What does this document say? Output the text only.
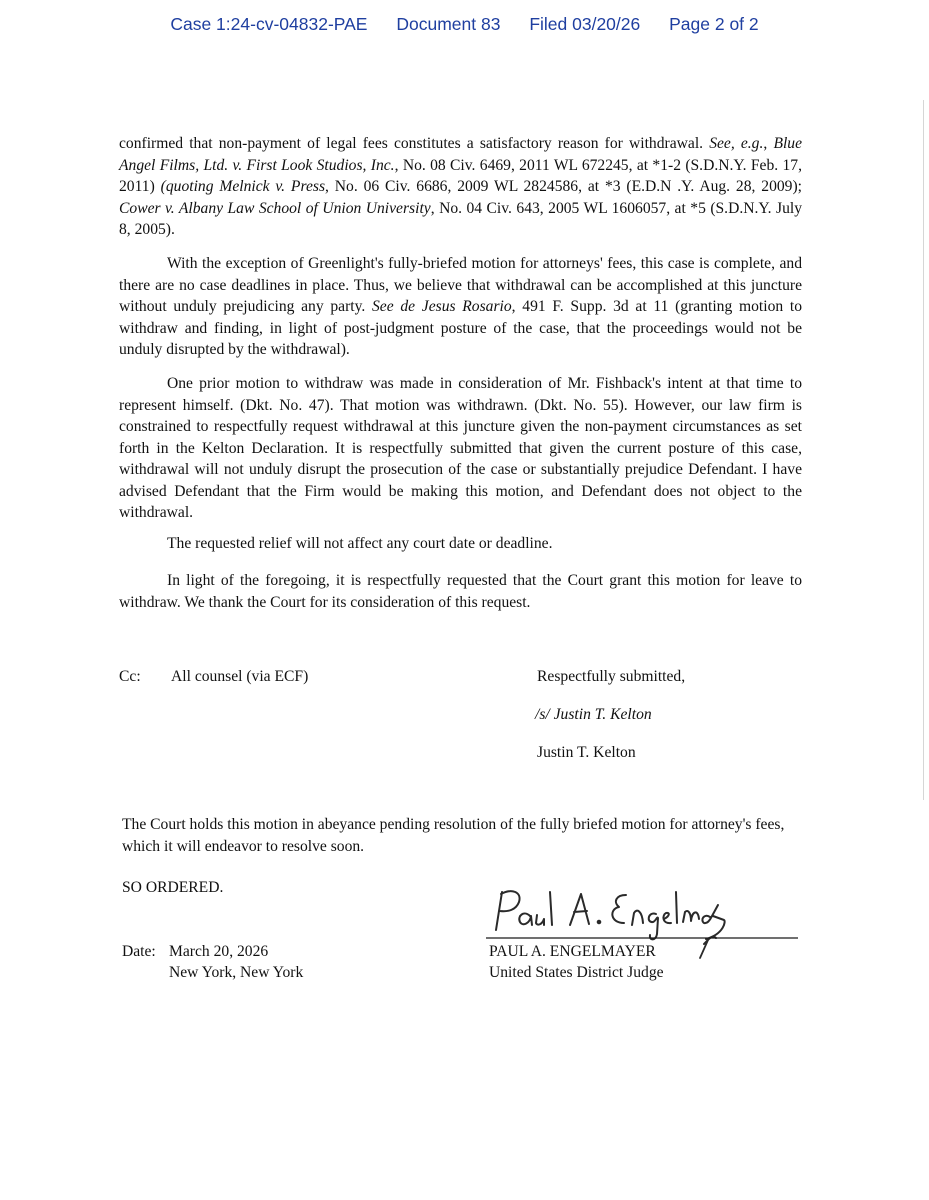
Case 1:24-cv-04832-PAE Document 83 Filed 03/20/26 Page 2 of 2

confirmed that non-payment of legal fees constitutes a satisfactory reason for withdrawal. See, e.g., Blue Angel Films, Ltd. v. First Look Studios, Inc., No. 08 Civ. 6469, 2011 WL 672245, at *1-2 (S.D.N.Y. Feb. 17, 2011) (quoting Melnick v. Press, No. 06 Civ. 6686, 2009 WL 2824586, at *3 (E.D.N .Y. Aug. 28, 2009); Cower v. Albany Law School of Union University, No. 04 Civ. 643, 2005 WL 1606057, at *5 (S.D.N.Y. July 8, 2005).

With the exception of Greenlight's fully-briefed motion for attorneys' fees, this case is complete, and there are no case deadlines in place. Thus, we believe that withdrawal can be accomplished at this juncture without unduly prejudicing any party. See de Jesus Rosario, 491 F. Supp. 3d at 11 (granting motion to withdraw and finding, in light of post-judgment posture of the case, that the proceedings would not be unduly disrupted by the withdrawal).

One prior motion to withdraw was made in consideration of Mr. Fishback's intent at that time to represent himself. (Dkt. No. 47). That motion was withdrawn. (Dkt. No. 55). However, our law firm is constrained to respectfully request withdrawal at this juncture given the non-payment circumstances as set forth in the Kelton Declaration. It is respectfully submitted that given the current posture of this case, withdrawal will not unduly disrupt the prosecution of the case or substantially prejudice Defendant. I have advised Defendant that the Firm would be making this motion, and Defendant does not object to the withdrawal.

The requested relief will not affect any court date or deadline.

In light of the foregoing, it is respectfully requested that the Court grant this motion for leave to withdraw. We thank the Court for its consideration of this request.

Cc: All counsel (via ECF)	Respectfully submitted,
/s/ Justin T. Kelton
Justin T. Kelton
The Court holds this motion in abeyance pending resolution of the fully briefed motion for attorney's fees, which it will endeavor to resolve soon.
SO ORDERED.
Date: March 20, 2026
New York, New York
PAUL A. ENGELMAYER
United States District Judge
